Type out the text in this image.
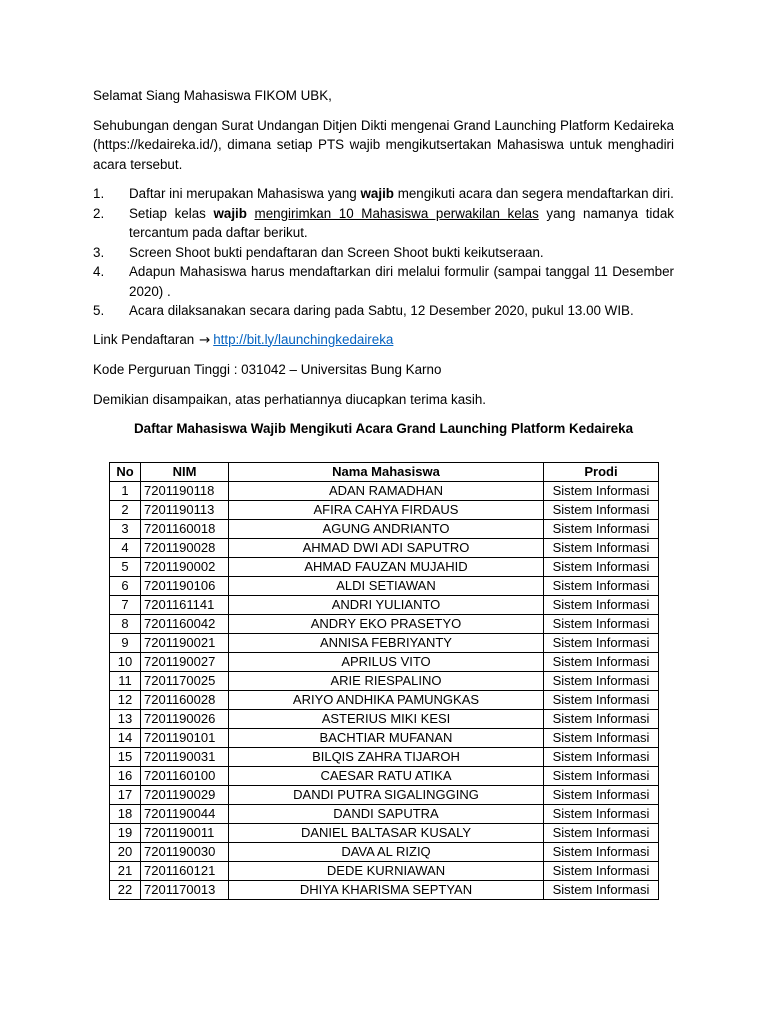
Selamat Siang Mahasiswa FIKOM UBK,

Sehubungan dengan Surat Undangan Ditjen Dikti mengenai Grand Launching Platform Kedaireka (https://kedaireka.id/), dimana setiap PTS wajib mengikutsertakan Mahasiswa untuk menghadiri acara tersebut.

1.	Daftar ini merupakan Mahasiswa yang wajib mengikuti acara dan segera mendaftarkan diri.
2.	Setiap kelas wajib mengirimkan 10 Mahasiswa perwakilan kelas yang namanya tidak tercantum pada daftar berikut.
3.	Screen Shoot bukti pendaftaran dan Screen Shoot bukti keikutseraan.
4.	Adapun Mahasiswa harus mendaftarkan diri melalui formulir (sampai tanggal 11 Desember 2020) .
5.	Acara dilaksanakan secara daring pada Sabtu, 12 Desember 2020, pukul 13.00 WIB.

Link Pendaftaran → http://bit.ly/launchingkedaireka

Kode Perguruan Tinggi : 031042 – Universitas Bung Karno

Demikian disampaikan, atas perhatiannya diucapkan terima kasih.

Daftar Mahasiswa Wajib Mengikuti Acara Grand Launching Platform Kedaireka

No	NIM	Nama Mahasiswa	Prodi
1	7201190118	ADAN RAMADHAN	Sistem Informasi
2	7201190113	AFIRA CAHYA FIRDAUS	Sistem Informasi
3	7201160018	AGUNG ANDRIANTO	Sistem Informasi
4	7201190028	AHMAD DWI ADI SAPUTRO	Sistem Informasi
5	7201190002	AHMAD FAUZAN MUJAHID	Sistem Informasi
6	7201190106	ALDI SETIAWAN	Sistem Informasi
7	7201161141	ANDRI YULIANTO	Sistem Informasi
8	7201160042	ANDRY EKO PRASETYO	Sistem Informasi
9	7201190021	ANNISA FEBRIYANTY	Sistem Informasi
10	7201190027	APRILUS VITO	Sistem Informasi
11	7201170025	ARIE RIESPALINO	Sistem Informasi
12	7201160028	ARIYO ANDHIKA PAMUNGKAS	Sistem Informasi
13	7201190026	ASTERIUS MIKI KESI	Sistem Informasi
14	7201190101	BACHTIAR MUFANAN	Sistem Informasi
15	7201190031	BILQIS ZAHRA TIJAROH	Sistem Informasi
16	7201160100	CAESAR RATU ATIKA	Sistem Informasi
17	7201190029	DANDI PUTRA SIGALINGGING	Sistem Informasi
18	7201190044	DANDI SAPUTRA	Sistem Informasi
19	7201190011	DANIEL BALTASAR KUSALY	Sistem Informasi
20	7201190030	DAVA AL RIZIQ	Sistem Informasi
21	7201160121	DEDE KURNIAWAN	Sistem Informasi
22	7201170013	DHIYA KHARISMA SEPTYAN	Sistem Informasi
